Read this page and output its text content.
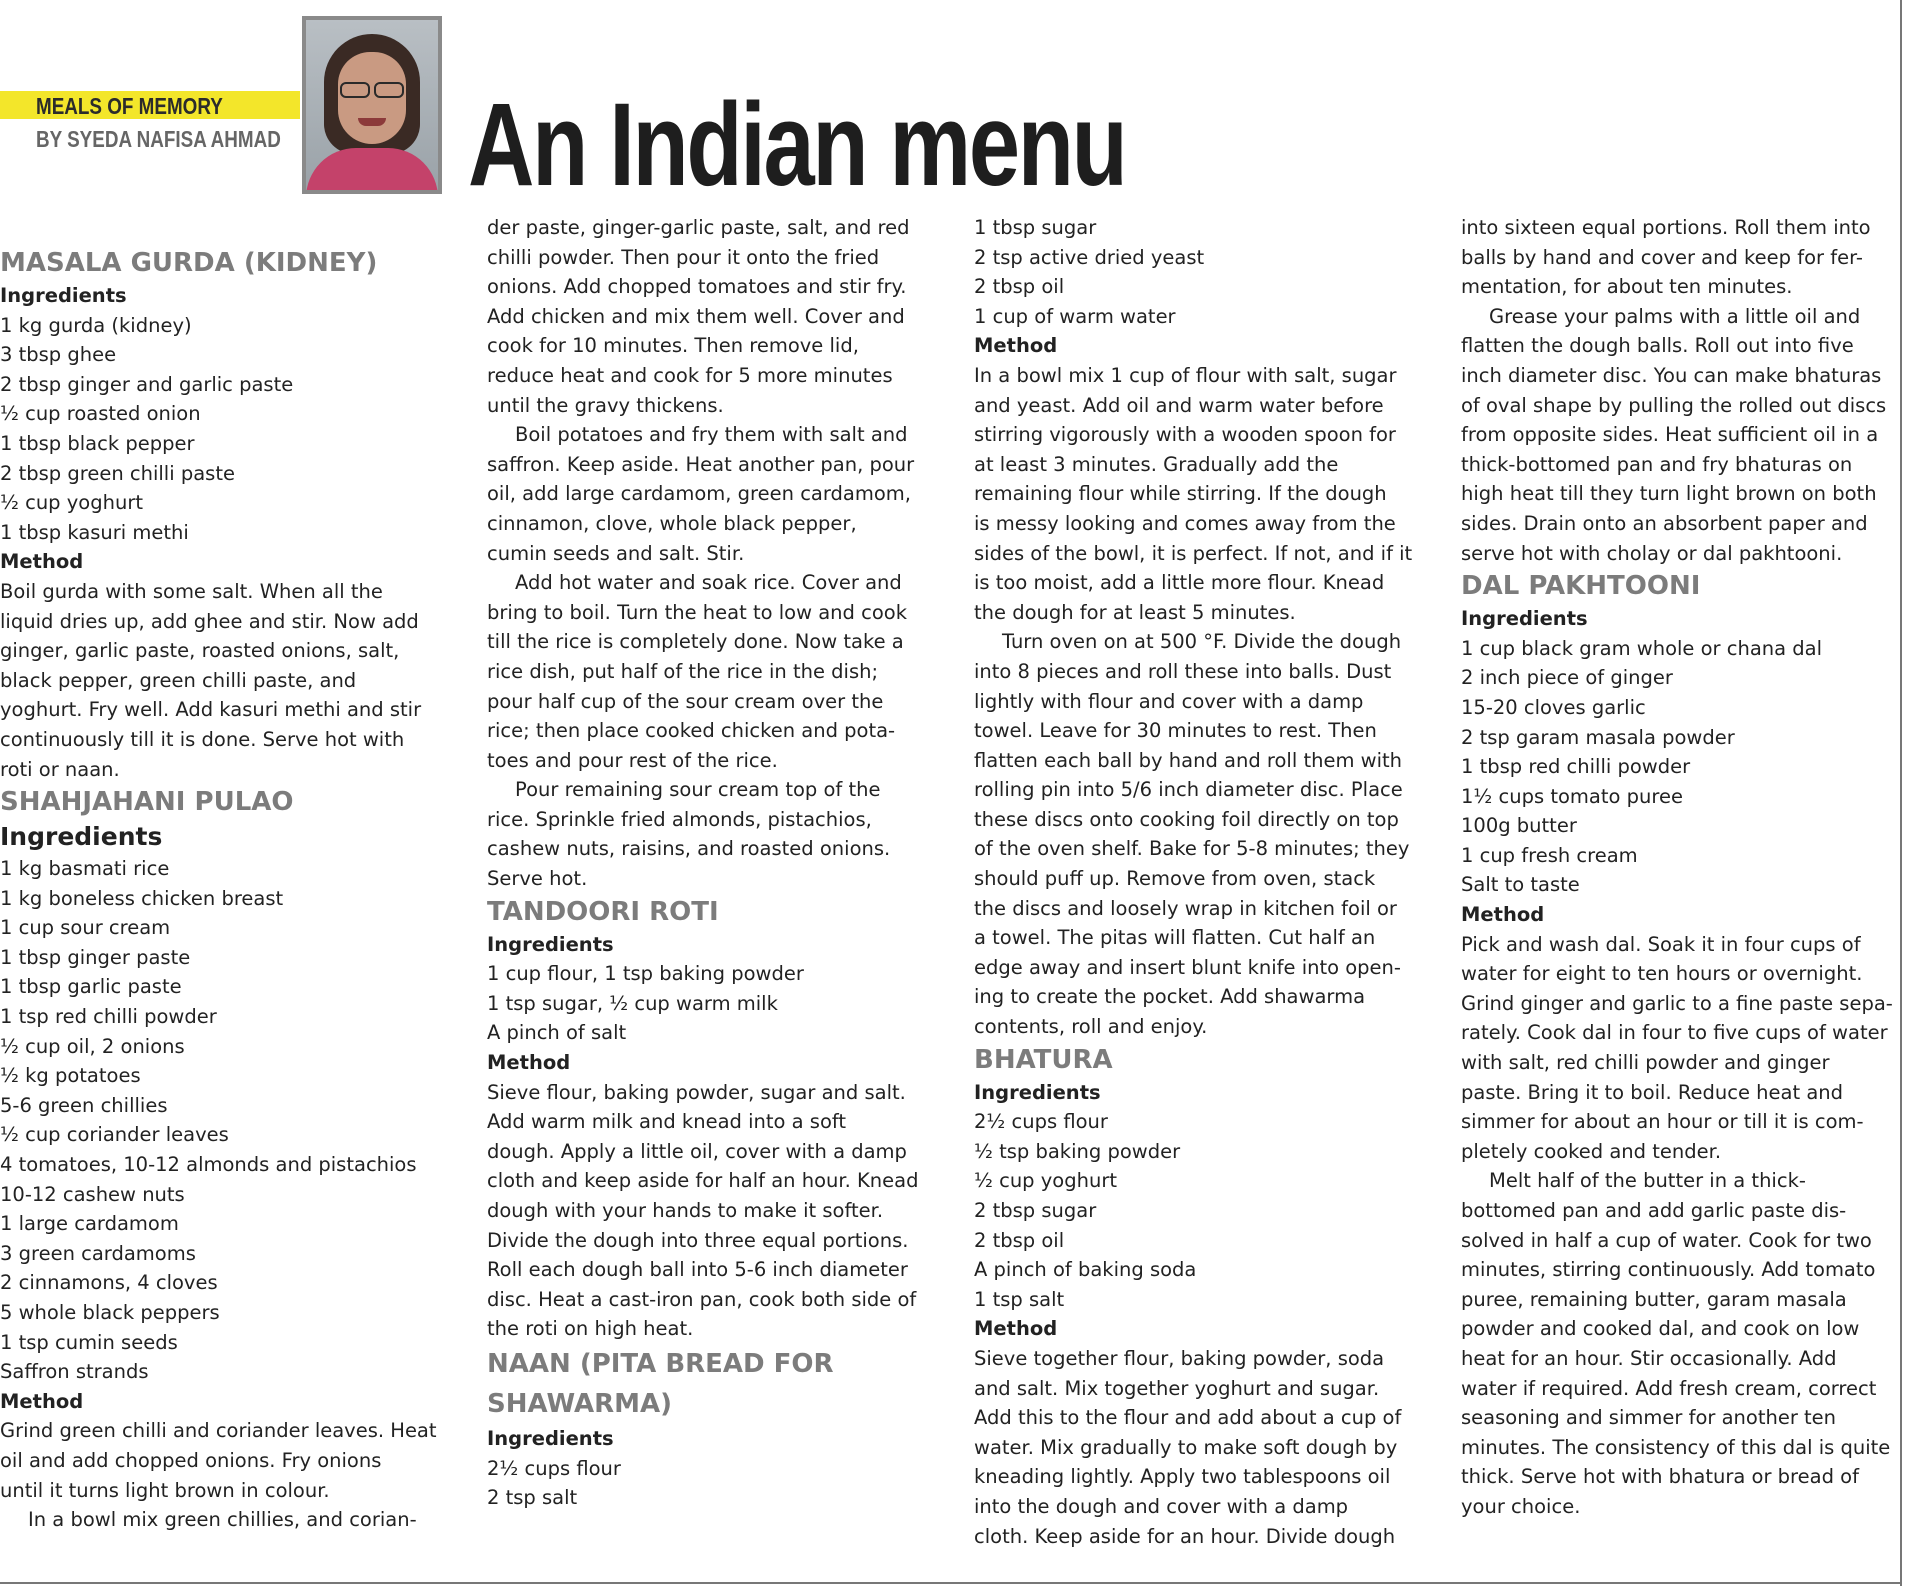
MEALS OF MEMORY
BY SYEDA NAFISA AHMAD An Indian menu
MASALA GURDA (KIDNEY)
Ingredients
1 kg gurda (kidney)
3 tbsp ghee
2 tbsp ginger and garlic paste
½ cup roasted onion
1 tbsp black pepper
2 tbsp green chilli paste
½ cup yoghurt
1 tbsp kasuri methi
Method
Boil gurda with some salt. When all the
liquid dries up, add ghee and stir. Now add
ginger, garlic paste, roasted onions, salt,
black pepper, green chilli paste, and
yoghurt. Fry well. Add kasuri methi and stir
continuously till it is done. Serve hot with
roti or naan.
SHAHJAHANI PULAO
Ingredients
1 kg basmati rice
1 kg boneless chicken breast
1 cup sour cream
1 tbsp ginger paste
1 tbsp garlic paste
1 tsp red chilli powder
½ cup oil, 2 onions
½ kg potatoes
5-6 green chillies
½ cup coriander leaves
4 tomatoes, 10-12 almonds and pistachios
10-12 cashew nuts
1 large cardamom
3 green cardamoms
2 cinnamons, 4 cloves
5 whole black peppers
1 tsp cumin seeds
Saffron strands
Method
Grind green chilli and coriander leaves. Heat
oil and add chopped onions. Fry onions
until it turns light brown in colour.
In a bowl mix green chillies, and corian-
der paste, ginger-garlic paste, salt, and red
chilli powder. Then pour it onto the fried
onions. Add chopped tomatoes and stir fry.
Add chicken and mix them well. Cover and
cook for 10 minutes. Then remove lid,
reduce heat and cook for 5 more minutes
until the gravy thickens.
Boil potatoes and fry them with salt and
saffron. Keep aside. Heat another pan, pour
oil, add large cardamom, green cardamom,
cinnamon, clove, whole black pepper,
cumin seeds and salt. Stir.
Add hot water and soak rice. Cover and
bring to boil. Turn the heat to low and cook
till the rice is completely done. Now take a
rice dish, put half of the rice in the dish;
pour half cup of the sour cream over the
rice; then place cooked chicken and pota-
toes and pour rest of the rice.
Pour remaining sour cream top of the
rice. Sprinkle fried almonds, pistachios,
cashew nuts, raisins, and roasted onions.
Serve hot.
TANDOORI ROTI
Ingredients
1 cup flour, 1 tsp baking powder
1 tsp sugar, ½ cup warm milk
A pinch of salt
Method
Sieve flour, baking powder, sugar and salt.
Add warm milk and knead into a soft
dough. Apply a little oil, cover with a damp
cloth and keep aside for half an hour. Knead
dough with your hands to make it softer.
Divide the dough into three equal portions.
Roll each dough ball into 5-6 inch diameter
disc. Heat a cast-iron pan, cook both side of
the roti on high heat.
NAAN (PITA BREAD FOR
SHAWARMA)
Ingredients
2½ cups flour
2 tsp salt
1 tbsp sugar
2 tsp active dried yeast
2 tbsp oil
1 cup of warm water
Method
In a bowl mix 1 cup of flour with salt, sugar
and yeast. Add oil and warm water before
stirring vigorously with a wooden spoon for
at least 3 minutes. Gradually add the
remaining flour while stirring. If the dough
is messy looking and comes away from the
sides of the bowl, it is perfect. If not, and if it
is too moist, add a little more flour. Knead
the dough for at least 5 minutes.
Turn oven on at 500 °F. Divide the dough
into 8 pieces and roll these into balls. Dust
lightly with flour and cover with a damp
towel. Leave for 30 minutes to rest. Then
flatten each ball by hand and roll them with
rolling pin into 5/6 inch diameter disc. Place
these discs onto cooking foil directly on top
of the oven shelf. Bake for 5-8 minutes; they
should puff up. Remove from oven, stack
the discs and loosely wrap in kitchen foil or
a towel. The pitas will flatten. Cut half an
edge away and insert blunt knife into open-
ing to create the pocket. Add shawarma
contents, roll and enjoy.
BHATURA
Ingredients
2½ cups flour
½ tsp baking powder
½ cup yoghurt
2 tbsp sugar
2 tbsp oil
A pinch of baking soda
1 tsp salt
Method
Sieve together flour, baking powder, soda
and salt. Mix together yoghurt and sugar.
Add this to the flour and add about a cup of
water. Mix gradually to make soft dough by
kneading lightly. Apply two tablespoons oil
into the dough and cover with a damp
cloth. Keep aside for an hour. Divide dough
into sixteen equal portions. Roll them into
balls by hand and cover and keep for fer-
mentation, for about ten minutes.
Grease your palms with a little oil and
flatten the dough balls. Roll out into five
inch diameter disc. You can make bhaturas
of oval shape by pulling the rolled out discs
from opposite sides. Heat sufficient oil in a
thick-bottomed pan and fry bhaturas on
high heat till they turn light brown on both
sides. Drain onto an absorbent paper and
serve hot with cholay or dal pakhtooni.
DAL PAKHTOONI
Ingredients
1 cup black gram whole or chana dal
2 inch piece of ginger
15-20 cloves garlic
2 tsp garam masala powder
1 tbsp red chilli powder
1½ cups tomato puree
100g butter
1 cup fresh cream
Salt to taste
Method
Pick and wash dal. Soak it in four cups of
water for eight to ten hours or overnight.
Grind ginger and garlic to a fine paste sepa-
rately. Cook dal in four to five cups of water
with salt, red chilli powder and ginger
paste. Bring it to boil. Reduce heat and
simmer for about an hour or till it is com-
pletely cooked and tender.
Melt half of the butter in a thick-
bottomed pan and add garlic paste dis-
solved in half a cup of water. Cook for two
minutes, stirring continuously. Add tomato
puree, remaining butter, garam masala
powder and cooked dal, and cook on low
heat for an hour. Stir occasionally. Add
water if required. Add fresh cream, correct
seasoning and simmer for another ten
minutes. The consistency of this dal is quite
thick. Serve hot with bhatura or bread of
your choice.
